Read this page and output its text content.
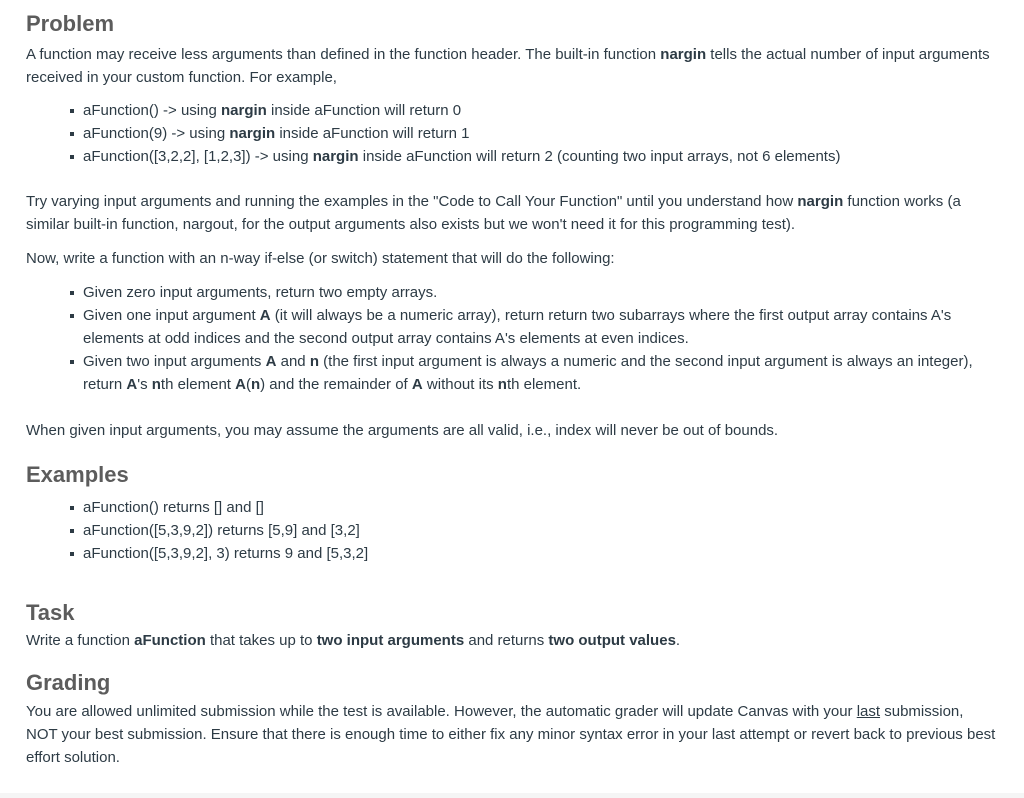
Problem

A function may receive less arguments than defined in the function header. The built-in function nargin tells the actual number of input arguments received in your custom function. For example,

aFunction() -> using nargin inside aFunction will return 0
aFunction(9) -> using nargin inside aFunction will return 1
aFunction([3,2,2], [1,2,3]) -> using nargin inside aFunction will return 2 (counting two input arrays, not 6 elements)

Try varying input arguments and running the examples in the "Code to Call Your Function" until you understand how nargin function works (a similar built-in function, nargout, for the output arguments also exists but we won't need it for this programming test).

Now, write a function with an n-way if-else (or switch) statement that will do the following:

Given zero input arguments, return two empty arrays.
Given one input argument A (it will always be a numeric array), return return two subarrays where the first output array contains A's elements at odd indices and the second output array contains A's elements at even indices.
Given two input arguments A and n (the first input argument is always a numeric and the second input argument is always an integer), return A's nth element A(n) and the remainder of A without its nth element.

When given input arguments, you may assume the arguments are all valid, i.e., index will never be out of bounds.

Examples
aFunction() returns [] and []
aFunction([5,3,9,2]) returns [5,9] and [3,2]
aFunction([5,3,9,2], 3) returns 9 and [5,3,2]
Task

Write a function aFunction that takes up to two input arguments and returns two output values.

Grading

You are allowed unlimited submission while the test is available. However, the automatic grader will update Canvas with your last submission, NOT your best submission. Ensure that there is enough time to either fix any minor syntax error in your last attempt or revert back to previous best effort solution.
